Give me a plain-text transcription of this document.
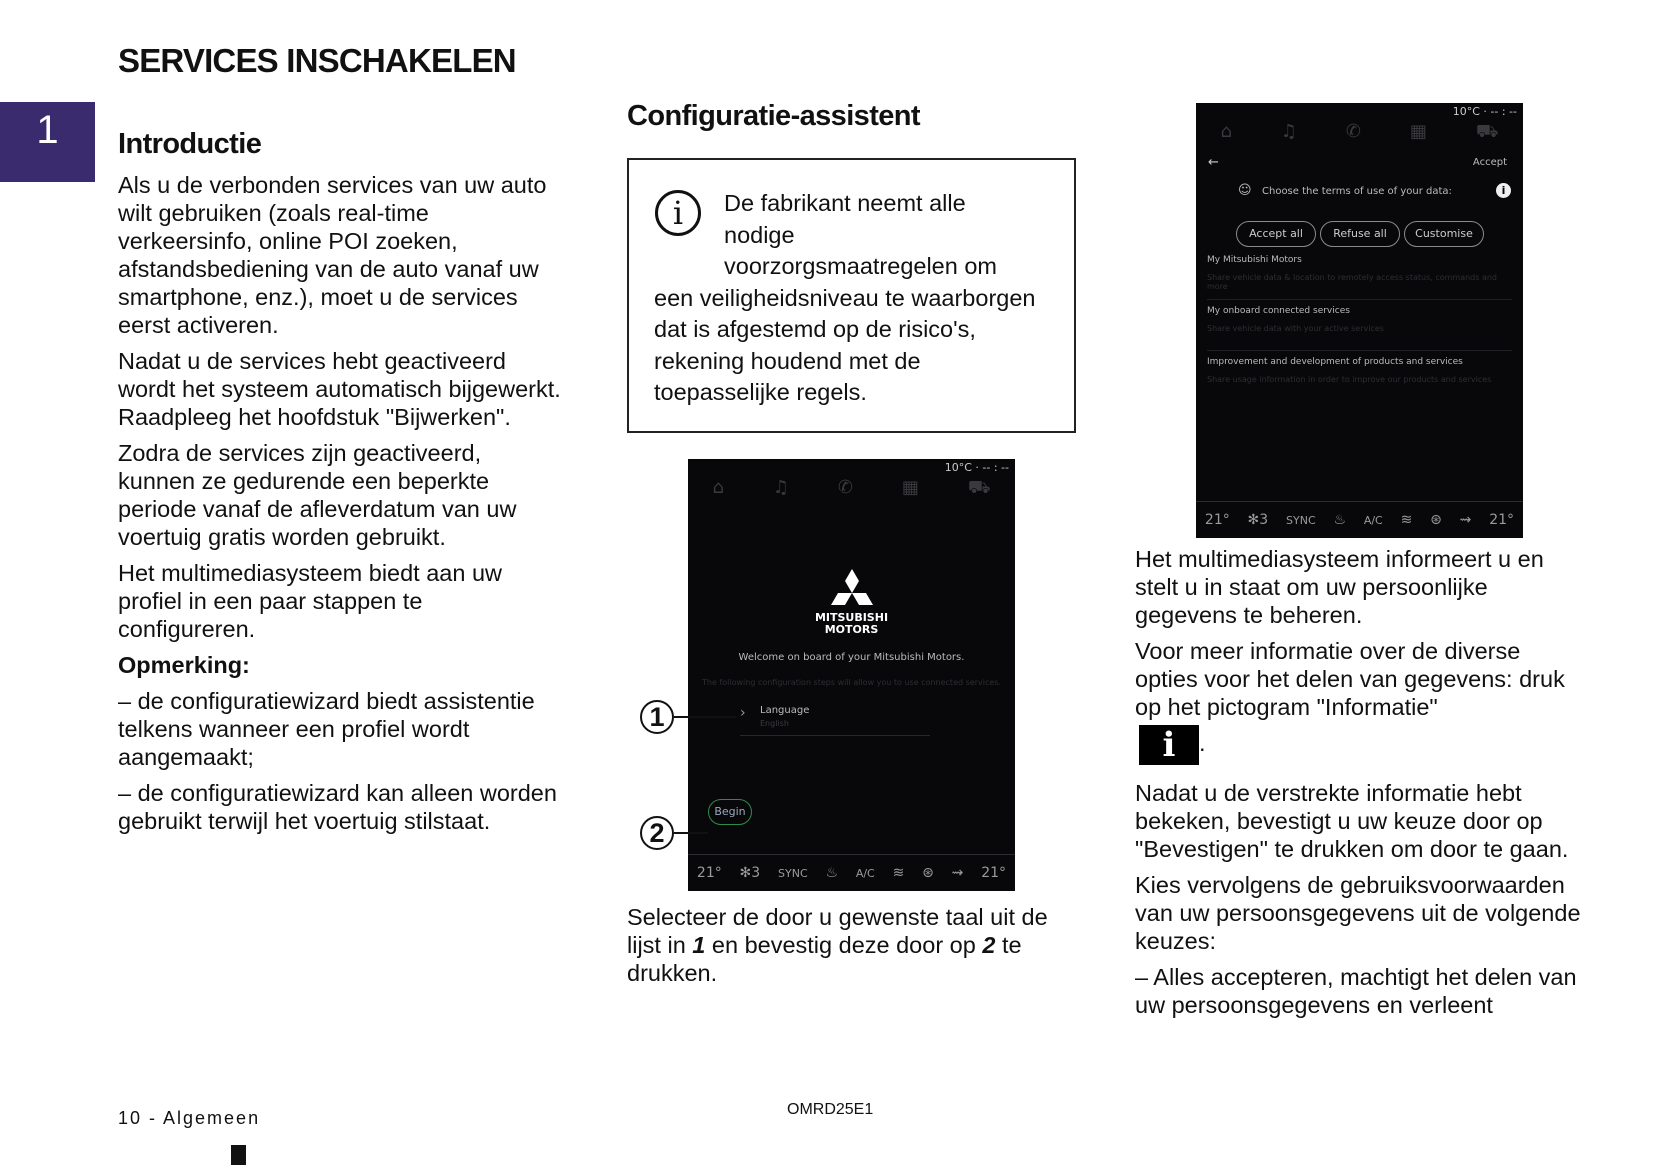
SERVICES INSCHAKELEN
1	Introductie

Als u de verbonden services van uw auto wilt gebruiken (zoals real-time verkeersinfo, online POI zoeken, afstandsbediening van de auto vanaf uw smartphone, enz.), moet u de services eerst activeren.

Nadat u de services hebt geactiveerd wordt het systeem automatisch bijgewerkt. Raadpleeg het hoofdstuk "Bijwerken".

Zodra de services zijn geactiveerd, kunnen ze gedurende een beperkte periode vanaf de afleverdatum van uw voertuig gratis worden gebruikt.

Het multimediasysteem biedt aan uw profiel in een paar stappen te configureren.

Opmerking:

– de configuratiewizard biedt assistentie telkens wanneer een profiel wordt aangemaakt;

– de configuratiewizard kan alleen worden gebruikt terwijl het voertuig stilstaat.

Configuratie-assistent
i	De fabrikant neemt alle
nodige
voorzorgsmaatregelen om
een veiligheidsniveau te waarborgen dat is afgestemd op de risico's, rekening houdend met de toepasselijke regels.
10°C · -- : --
⌂	♫	✆	▦	⛟
MITSUBISHI
MOTORS
Welcome on board of your Mitsubishi Motors.
The following configuration steps will allow you to use connected services.
› Language
English
Begin
21° ✻3 SYNC ♨ A/C ≋ ⊛ ⇝ 21°
1
2
Selecteer de door u gewenste taal uit de lijst in 1 en bevestig deze door op 2 te drukken.
10°C · -- : --
⌂	♫	✆	▦	⛟
←	Accept
☺ Choose the terms of use of your data:	i
Accept all	Refuse all	Customise
My Mitsubishi Motors
Share vehicle data & location to remotely access status, commands and more
My onboard connected services
Share vehicle data with your active services
Improvement and development of products and services
Share usage information in order to improve our products and services
21° ✻3 SYNC ♨ A/C ≋ ⊛ ⇝ 21°

Het multimediasysteem informeert u en stelt u in staat om uw persoonlijke gegevens te beheren.

Voor meer informatie over de diverse opties voor het delen van gegevens: druk op het pictogram "Informatie"

i .

Nadat u de verstrekte informatie hebt bekeken, bevestigt u uw keuze door op "Bevestigen" te drukken om door te gaan.

Kies vervolgens de gebruiksvoorwaarden van uw persoonsgegevens uit de volgende keuzes:

– Alles accepteren, machtigt het delen van uw persoonsgegevens en verleent

10 - Algemeen	OMRD25E1
